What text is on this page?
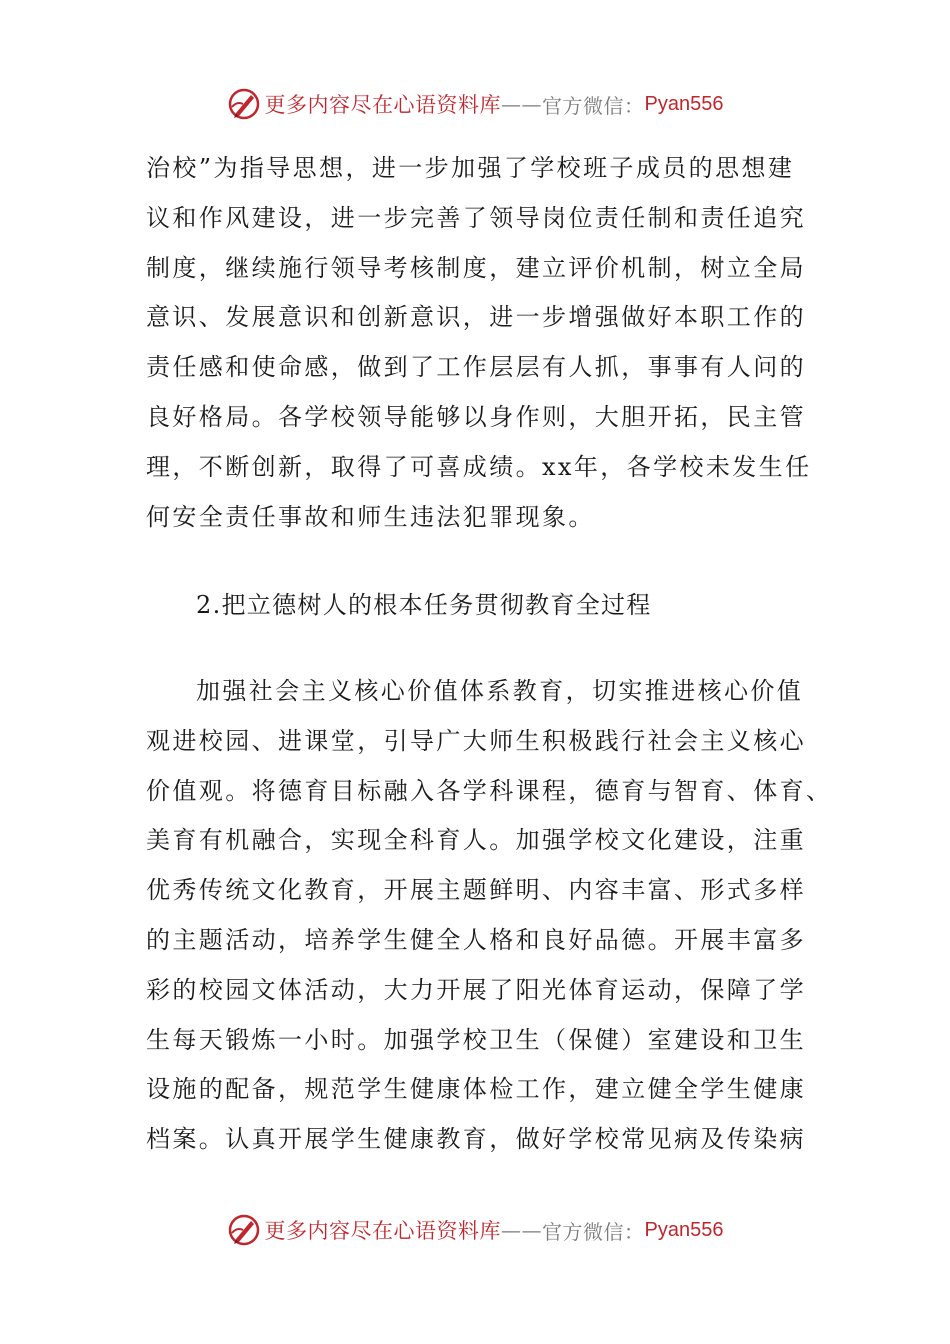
更多内容尽在心语资料库 —— 官方微信： Pyan556
治校”为指导思想，进一步加强了学校班子成员的思想建
议和作风建设，进一步完善了领导岗位责任制和责任追究
制度，继续施行领导考核制度，建立评价机制，树立全局
意识、发展意识和创新意识，进一步增强做好本职工作的
责任感和使命感，做到了工作层层有人抓，事事有人问的
良好格局。各学校领导能够以身作则，大胆开拓，民主管
理，不断创新，取得了可喜成绩。xx年，各学校未发生任
何安全责任事故和师生违法犯罪现象。
2.把立德树人的根本任务贯彻教育全过程
加强社会主义核心价值体系教育，切实推进核心价值
观进校园、进课堂，引导广大师生积极践行社会主义核心
价值观。将德育目标融入各学科课程，德育与智育、体育、
美育有机融合，实现全科育人。加强学校文化建设，注重
优秀传统文化教育，开展主题鲜明、内容丰富、形式多样
的主题活动，培养学生健全人格和良好品德。开展丰富多
彩的校园文体活动，大力开展了阳光体育运动，保障了学
生每天锻炼一小时。加强学校卫生（保健）室建设和卫生
设施的配备，规范学生健康体检工作，建立健全学生健康
档案。认真开展学生健康教育，做好学校常见病及传染病
更多内容尽在心语资料库 —— 官方微信： Pyan556
